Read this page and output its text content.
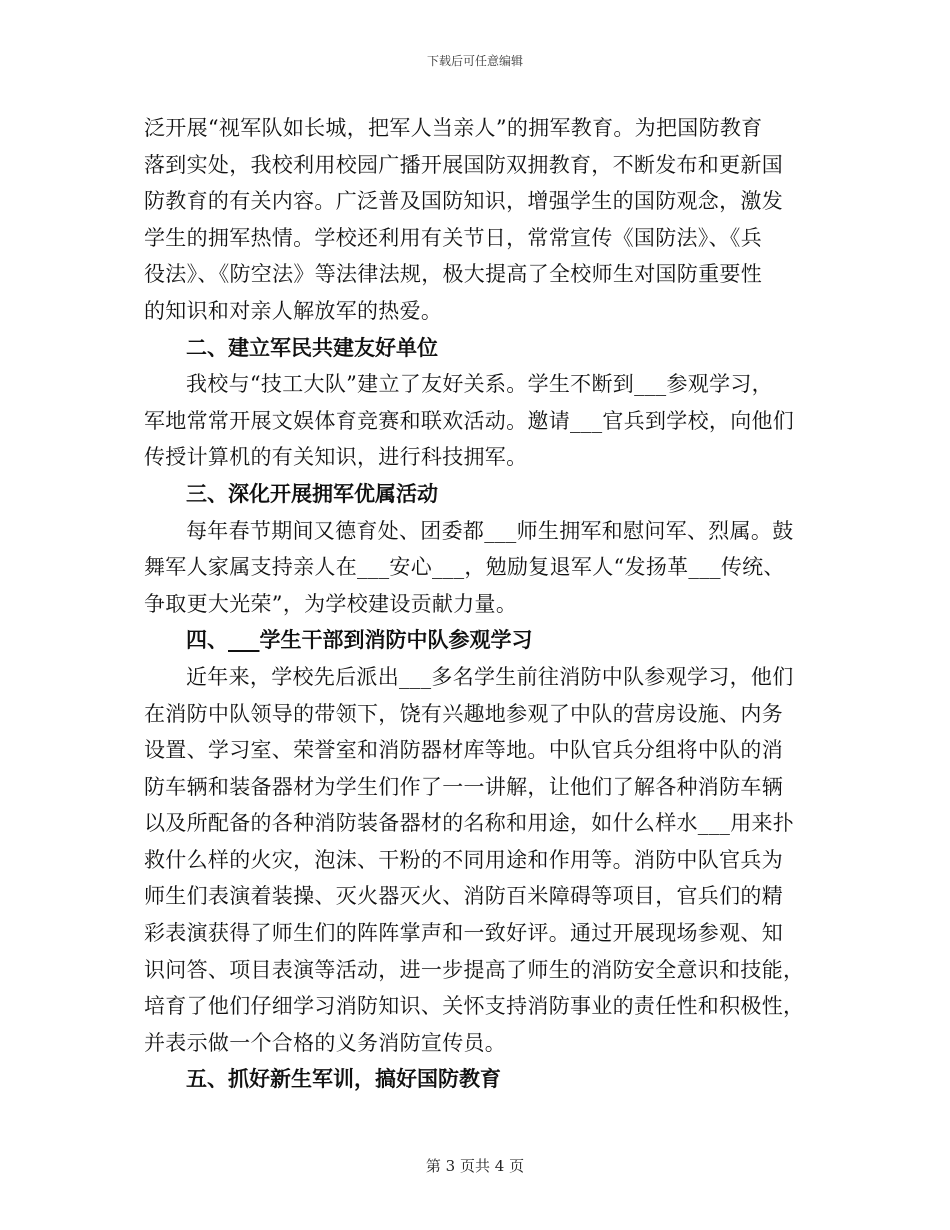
下载后可任意编辑
泛开展“视军队如长城，把军人当亲人”的拥军教育。为把国防教育
落到实处，我校利用校园广播开展国防双拥教育，不断发布和更新国
防教育的有关内容。广泛普及国防知识，增强学生的国防观念，激发
学生的拥军热情。学校还利用有关节日，常常宣传《国防法》、《兵
役法》、《防空法》等法律法规，极大提高了全校师生对国防重要性
的知识和对亲人解放军的热爱。
二、建立军民共建友好单位
我校与“技工大队”建立了友好关系。学生不断到___参观学习，
军地常常开展文娱体育竞赛和联欢活动。邀请___官兵到学校，向他们
传授计算机的有关知识，进行科技拥军。
三、深化开展拥军优属活动
每年春节期间又德育处、团委都___师生拥军和慰问军、烈属。鼓
舞军人家属支持亲人在___安心___，勉励复退军人“发扬革___传统、
争取更大光荣”，为学校建设贡献力量。
四、___学生干部到消防中队参观学习
近年来，学校先后派出___多名学生前往消防中队参观学习，他们
在消防中队领导的带领下，饶有兴趣地参观了中队的营房设施、内务
设置、学习室、荣誉室和消防器材库等地。中队官兵分组将中队的消
防车辆和装备器材为学生们作了一一讲解，让他们了解各种消防车辆
以及所配备的各种消防装备器材的名称和用途，如什么样水___用来扑
救什么样的火灾，泡沫、干粉的不同用途和作用等。消防中队官兵为
师生们表演着装操、灭火器灭火、消防百米障碍等项目，官兵们的精
彩表演获得了师生们的阵阵掌声和一致好评。通过开展现场参观、知
识问答、项目表演等活动，进一步提高了师生的消防安全意识和技能，
培育了他们仔细学习消防知识、关怀支持消防事业的责任性和积极性，
并表示做一个合格的义务消防宣传员。
五、抓好新生军训，搞好国防教育
第 3 页共 4 页
